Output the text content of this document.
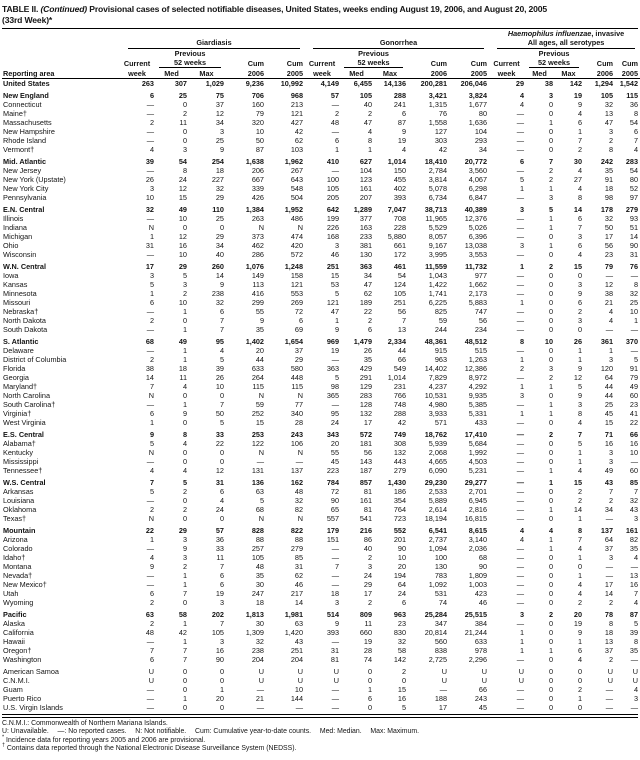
TABLE II. (Continued) Provisional cases of selected notifiable diseases, United States, weeks ending August 19, 2006, and August 20, 2005
(33rd Week)*

	Giardiasis					Gonorrhea					Haemophilus influenzae, invasive
All ages, all serotypes				

		Previous					Previous					Previous			
	Current	52 weeks		Cum	Cum	Current	52 weeks		Cum	Cum	Current	52 weeks		Cum	Cum
Reporting area	week	Med	Max	2006	2005	week	Med	Max	2006	2005	week	Med	Max	2006	2005
United States	263	307	1,029	9,236	10,992	4,149	6,455	14,136	200,281	206,046	29	38	142	1,294	1,542

New England	6	25	75	706	968	57	105	288	3,421	3,824	4	3	19	105	115
Connecticut	—	0	37	160	213	—	40	241	1,315	1,677	4	0	9	32	36
Maine†	—	2	12	79	121	2	2	6	76	80	—	0	4	13	8
Massachusetts	2	11	34	320	427	48	47	87	1,558	1,636	—	1	6	47	54
New Hampshire	—	0	3	10	42	—	4	9	127	104	—	0	1	3	6
Rhode Island	—	0	25	50	62	6	8	19	303	293	—	0	7	2	7
Vermont†	4	3	9	87	103	1	1	4	42	34	—	0	2	8	4

Mid. Atlantic	39	54	254	1,638	1,962	410	627	1,014	18,410	20,772	6	7	30	242	283
New Jersey	—	8	18	206	267	—	104	150	2,784	3,560	—	2	4	35	54
New York (Upstate)	26	24	227	667	643	100	123	455	3,814	4,067	5	2	27	91	80
New York City	3	12	32	339	548	105	161	402	5,078	6,298	1	1	4	18	52
Pennsylvania	10	15	29	426	504	205	207	393	6,734	6,847	—	3	8	98	97

E.N. Central	32	49	110	1,384	1,952	642	1,289	7,047	38,713	40,389	3	5	14	178	279
Illinois	—	10	25	263	486	199	377	708	11,965	12,376	—	1	6	32	93
Indiana	N	0	0	N	N	226	163	228	5,529	5,026	—	1	7	50	51
Michigan	1	12	29	373	474	168	233	5,880	8,057	6,396	—	0	3	17	14
Ohio	31	16	34	462	420	3	381	661	9,167	13,038	3	1	6	56	90
Wisconsin	—	10	40	286	572	46	130	172	3,995	3,553	—	0	4	23	31

W.N. Central	17	29	260	1,076	1,248	251	363	461	11,559	11,732	1	2	15	79	76
Iowa	3	5	14	149	158	15	34	54	1,043	977	—	0	0	—	—
Kansas	5	3	9	113	121	53	47	124	1,422	1,662	—	0	3	12	8
Minnesota	1	2	238	416	553	5	62	105	1,741	2,173	—	0	9	38	32
Missouri	6	10	32	299	269	121	189	251	6,225	5,883	1	0	6	21	25
Nebraska†	—	1	6	55	72	47	22	56	825	747	—	0	2	4	10
North Dakota	2	0	7	9	6	1	2	7	59	56	—	0	3	4	1
South Dakota	—	1	7	35	69	9	6	13	244	234	—	0	0	—	—

S. Atlantic	68	49	95	1,402	1,654	969	1,479	2,334	48,361	48,512	8	10	26	361	370
Delaware	—	1	4	20	37	19	26	44	915	515	—	0	1	1	—
District of Columbia	2	1	5	44	29	—	35	66	963	1,263	1	0	1	3	5
Florida	38	18	39	633	580	363	429	549	14,402	12,386	2	3	9	120	91
Georgia	14	11	26	264	448	5	291	1,014	7,829	8,972	—	2	12	64	79
Maryland†	7	4	10	115	115	98	129	231	4,237	4,292	1	1	5	44	49
North Carolina	N	0	0	N	N	365	283	766	10,531	9,935	3	0	9	44	60
South Carolina†	—	1	7	59	77	—	128	748	4,980	5,385	—	1	3	25	23
Virginia†	6	9	50	252	340	95	132	288	3,933	5,331	1	1	8	45	41
West Virginia	1	0	5	15	28	24	17	42	571	433	—	0	4	15	22

E.S. Central	9	8	33	253	243	343	572	749	18,762	17,410	—	2	7	71	66
Alabama†	5	4	22	122	106	20	181	308	5,939	5,684	—	0	5	16	16
Kentucky	N	0	0	N	N	55	56	132	2,068	1,992	—	0	1	3	10
Mississippi	—	0	0	—	—	45	143	443	4,665	4,503	—	0	1	3	—
Tennessee†	4	4	12	131	137	223	187	279	6,090	5,231	—	1	4	49	60

W.S. Central	7	5	31	136	162	784	857	1,430	29,230	29,277	—	1	15	43	85
Arkansas	5	2	6	63	48	72	81	186	2,533	2,701	—	0	2	7	7
Louisiana	—	0	4	5	32	90	161	354	5,889	6,945	—	0	2	2	32
Oklahoma	2	2	24	68	82	65	81	764	2,614	2,816	—	1	14	34	43
Texas†	N	0	0	N	N	557	541	723	18,194	16,815	—	0	1	—	3

Mountain	22	29	57	828	822	179	216	552	6,541	8,615	4	4	8	137	161
Arizona	1	3	36	88	88	151	86	201	2,737	3,140	4	1	7	64	82
Colorado	—	9	33	257	279	—	40	90	1,094	2,036	—	1	4	37	35
Idaho†	4	3	11	105	85	—	2	10	100	68	—	0	1	3	4
Montana	9	2	7	48	31	7	3	20	130	90	—	0	0	—	—
Nevada†	—	1	6	35	62	—	24	194	783	1,809	—	0	1	—	13
New Mexico†	—	1	6	30	46	—	29	64	1,092	1,003	—	0	4	17	16
Utah	6	7	19	247	217	18	17	24	531	423	—	0	4	14	7
Wyoming	2	0	3	18	14	3	2	6	74	46	—	0	2	2	4

Pacific	63	58	202	1,813	1,981	514	809	963	25,284	25,515	3	2	20	78	87
Alaska	2	1	7	30	63	9	11	23	347	384	—	0	19	8	5
California	48	42	105	1,309	1,420	393	660	830	20,814	21,244	1	0	9	18	39
Hawaii	—	1	3	32	43	—	19	32	560	633	1	0	1	13	8
Oregon†	7	7	16	238	251	31	28	58	838	978	1	1	6	37	35
Washington	6	7	90	204	204	81	74	142	2,725	2,296	—	0	4	2	—

American Samoa	U	0	0	U	U	U	0	2	U	U	U	0	0	U	U
C.N.M.I.	U	0	0	U	U	U	0	0	U	U	U	0	0	U	U
Guam	—	0	1	—	10	—	1	15	—	66	—	0	2	—	4
Puerto Rico	—	1	20	21	144	—	6	16	188	243	—	0	1	—	3
U.S. Virgin Islands	—	0	0	—	—	—	0	5	17	45	—	0	0	—	—
C.N.M.I.: Commonwealth of Northern Mariana Islands.
U: Unavailable.  —: No reported cases.  N: Not notifiable.  Cum: Cumulative year-to-date counts.  Med: Median.  Max: Maximum.
* Incidence data for reporting years 2005 and 2006 are provisional.
† Contains data reported through the National Electronic Disease Surveillance System (NEDSS).
